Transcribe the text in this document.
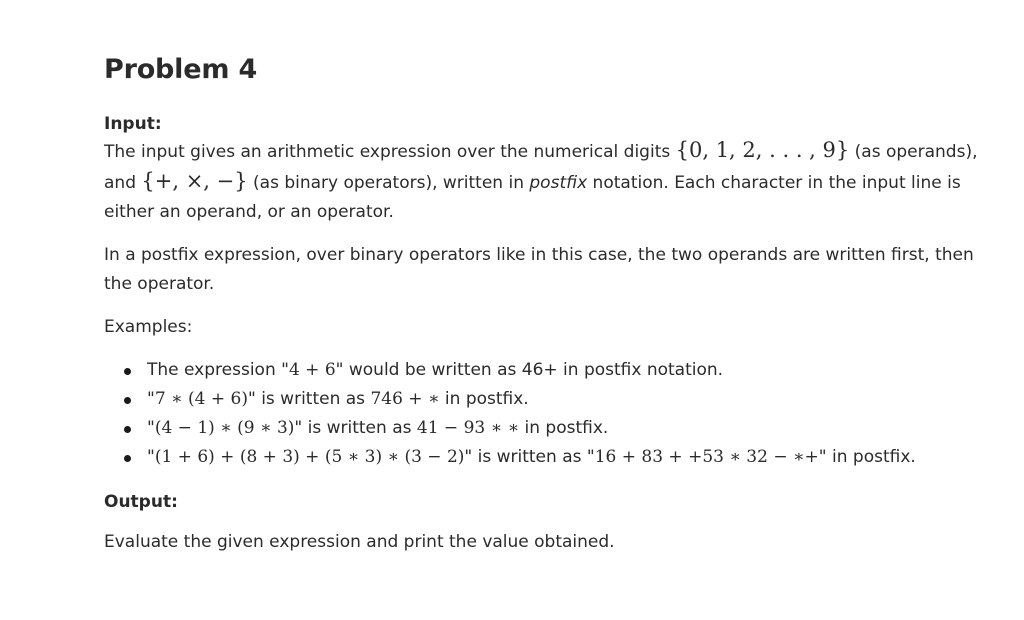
Problem 4
Input:

The input gives an arithmetic expression over the numerical digits {0, 1, 2, . . . , 9} (as operands), and {+, ×, −} (as binary operators), written in postfix notation. Each character in the input line is either an operand, or an operator.

In a postfix expression, over binary operators like in this case, the two operands are written first, then the operator.

Examples:

The expression "4 + 6" would be written as 46+ in postfix notation.
"7 ∗ (4 + 6)" is written as 746 + ∗ in postfix.
"(4 − 1) ∗ (9 ∗ 3)" is written as 41 − 93 ∗ ∗ in postfix.
"(1 + 6) + (8 + 3) + (5 ∗ 3) ∗ (3 − 2)" is written as "16 + 83 + +53 ∗ 32 − ∗+" in postfix.
Output:

Evaluate the given expression and print the value obtained.
